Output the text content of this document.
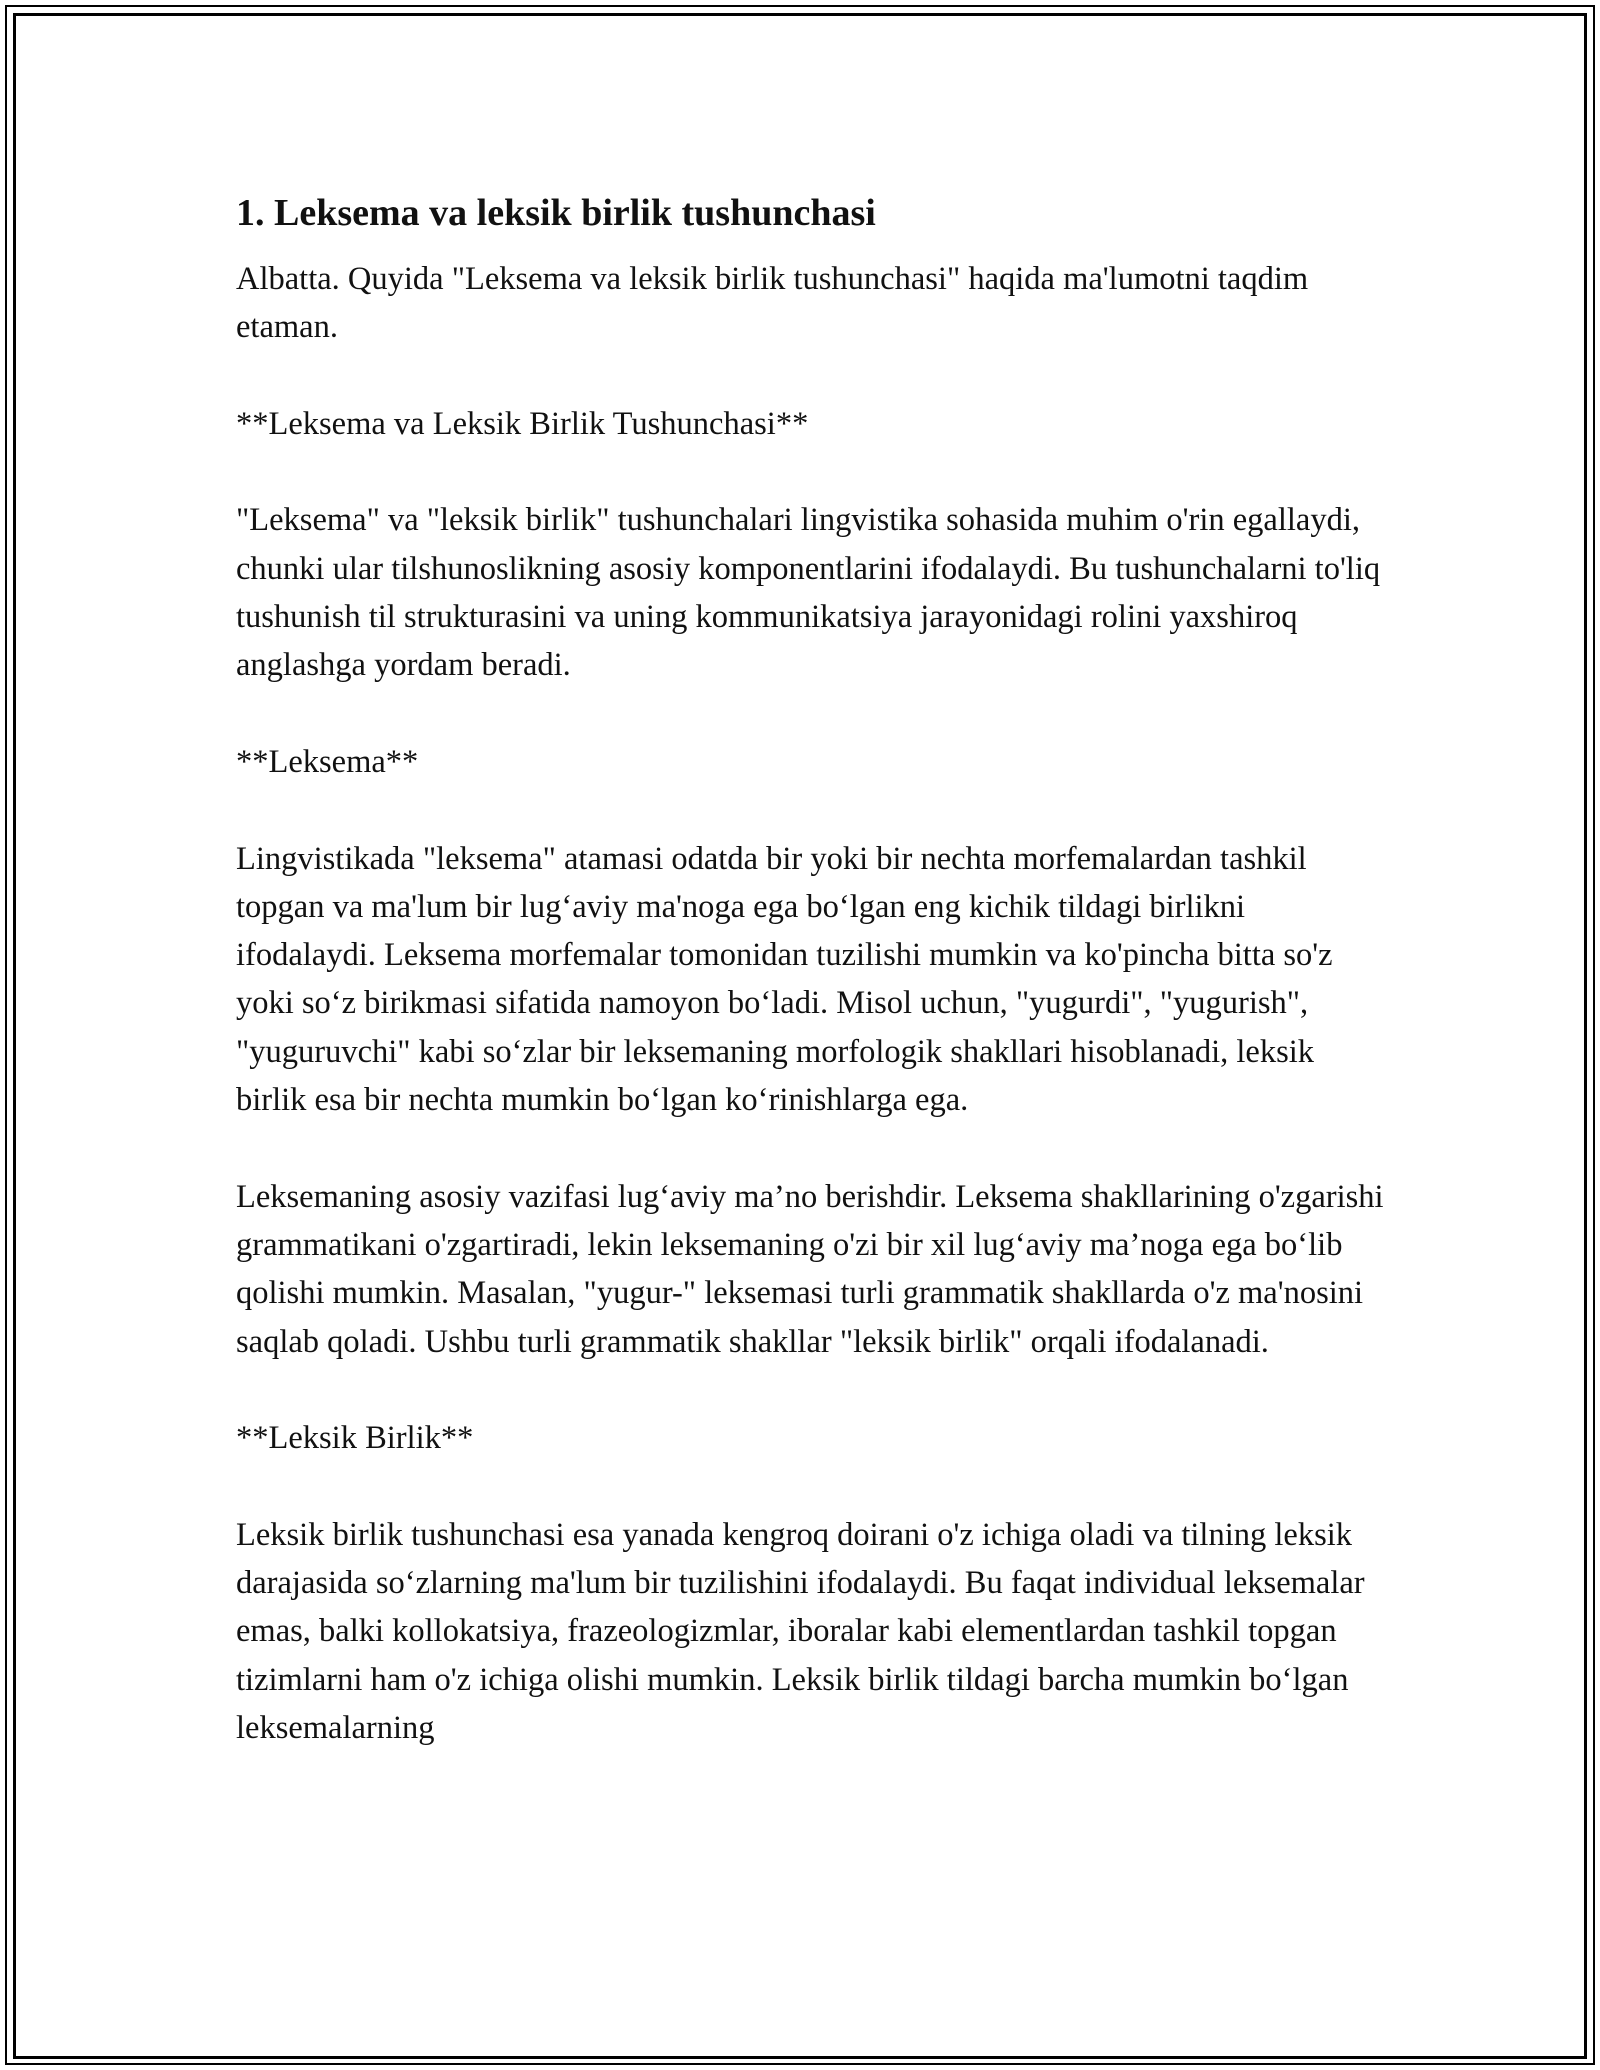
1. Leksema va leksik birlik tushunchasi

Albatta. Quyida "Leksema va leksik birlik tushunchasi" haqida ma'lumotni taqdim etaman.

**Leksema va Leksik Birlik Tushunchasi**

"Leksema" va "leksik birlik" tushunchalari lingvistika sohasida muhim o'rin egallaydi, chunki ular tilshunoslikning asosiy komponentlarini ifodalaydi. Bu tushunchalarni to'liq tushunish til strukturasini va uning kommunikatsiya jarayonidagi rolini yaxshiroq anglashga yordam beradi.

**Leksema**

Lingvistikada "leksema" atamasi odatda bir yoki bir nechta morfemalardan tashkil topgan va ma'lum bir lug‘aviy ma'noga ega bo‘lgan eng kichik tildagi birlikni ifodalaydi. Leksema morfemalar tomonidan tuzilishi mumkin va ko'pincha bitta so'z yoki so‘z birikmasi sifatida namoyon bo‘ladi. Misol uchun, "yugurdi", "yugurish", "yuguruvchi" kabi so‘zlar bir leksemaning morfologik shakllari hisoblanadi, leksik birlik esa bir nechta mumkin bo‘lgan ko‘rinishlarga ega.

Leksemaning asosiy vazifasi lug‘aviy ma’no berishdir. Leksema shakllarining o'zgarishi grammatikani o'zgartiradi, lekin leksemaning o'zi bir xil lug‘aviy ma’noga ega bo‘lib qolishi mumkin. Masalan, "yugur-" leksemasi turli grammatik shakllarda o'z ma'nosini saqlab qoladi. Ushbu turli grammatik shakllar "leksik birlik" orqali ifodalanadi.

**Leksik Birlik**

Leksik birlik tushunchasi esa yanada kengroq doirani o'z ichiga oladi va tilning leksik darajasida so‘zlarning ma'lum bir tuzilishini ifodalaydi. Bu faqat individual leksemalar emas, balki kollokatsiya, frazeologizmlar, iboralar kabi elementlardan tashkil topgan tizimlarni ham o'z ichiga olishi mumkin. Leksik birlik tildagi barcha mumkin bo‘lgan leksemalarning
